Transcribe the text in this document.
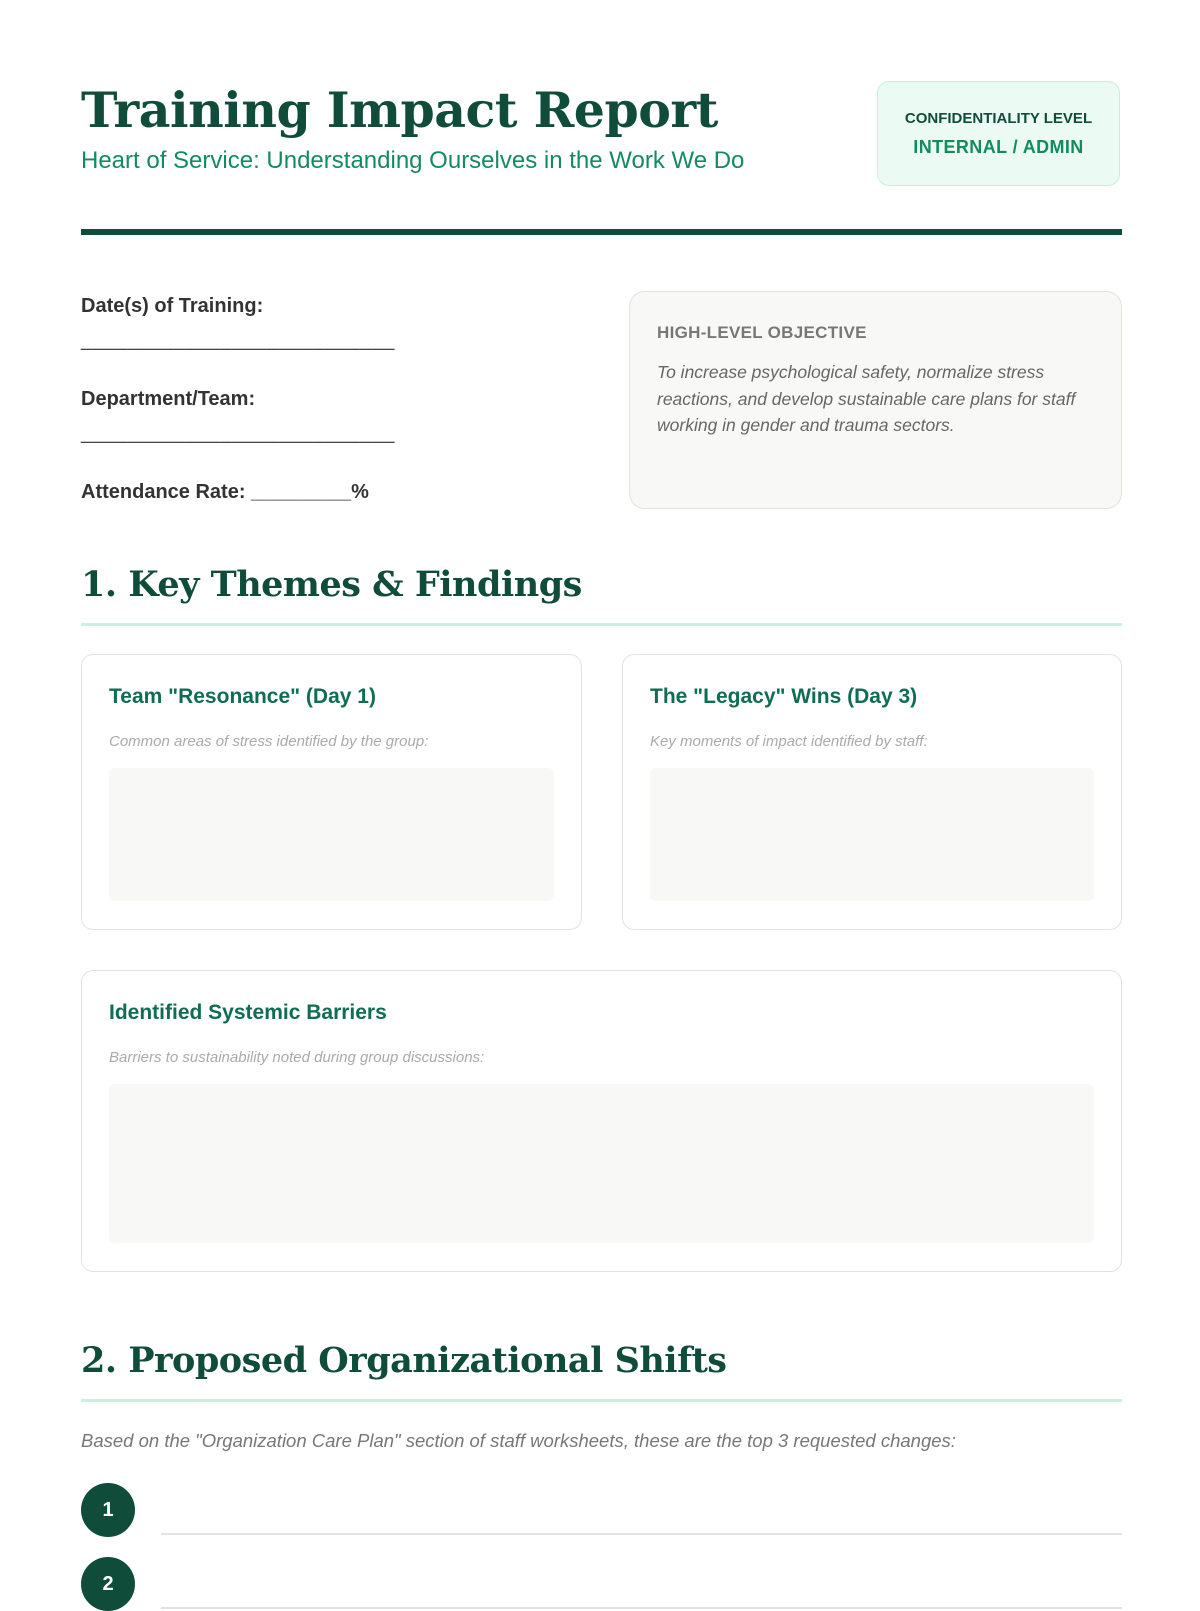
Training Impact Report
Heart of Service: Understanding Ourselves in the Work We Do
CONFIDENTIALITY LEVEL
INTERNAL / ADMIN
Date(s) of Training:
___________________________
Department/Team:
___________________________
Attendance Rate: _________%
HIGH-LEVEL OBJECTIVE
To increase psychological safety, normalize stress reactions, and develop sustainable care plans for staff working in gender and trauma sectors.
1. Key Themes & Findings
Team "Resonance" (Day 1)
Common areas of stress identified by the group:
The "Legacy" Wins (Day 3)
Key moments of impact identified by staff:
Identified Systemic Barriers
Barriers to sustainability noted during group discussions:
2. Proposed Organizational Shifts
Based on the "Organization Care Plan" section of staff worksheets, these are the top 3 requested changes:
1
2
